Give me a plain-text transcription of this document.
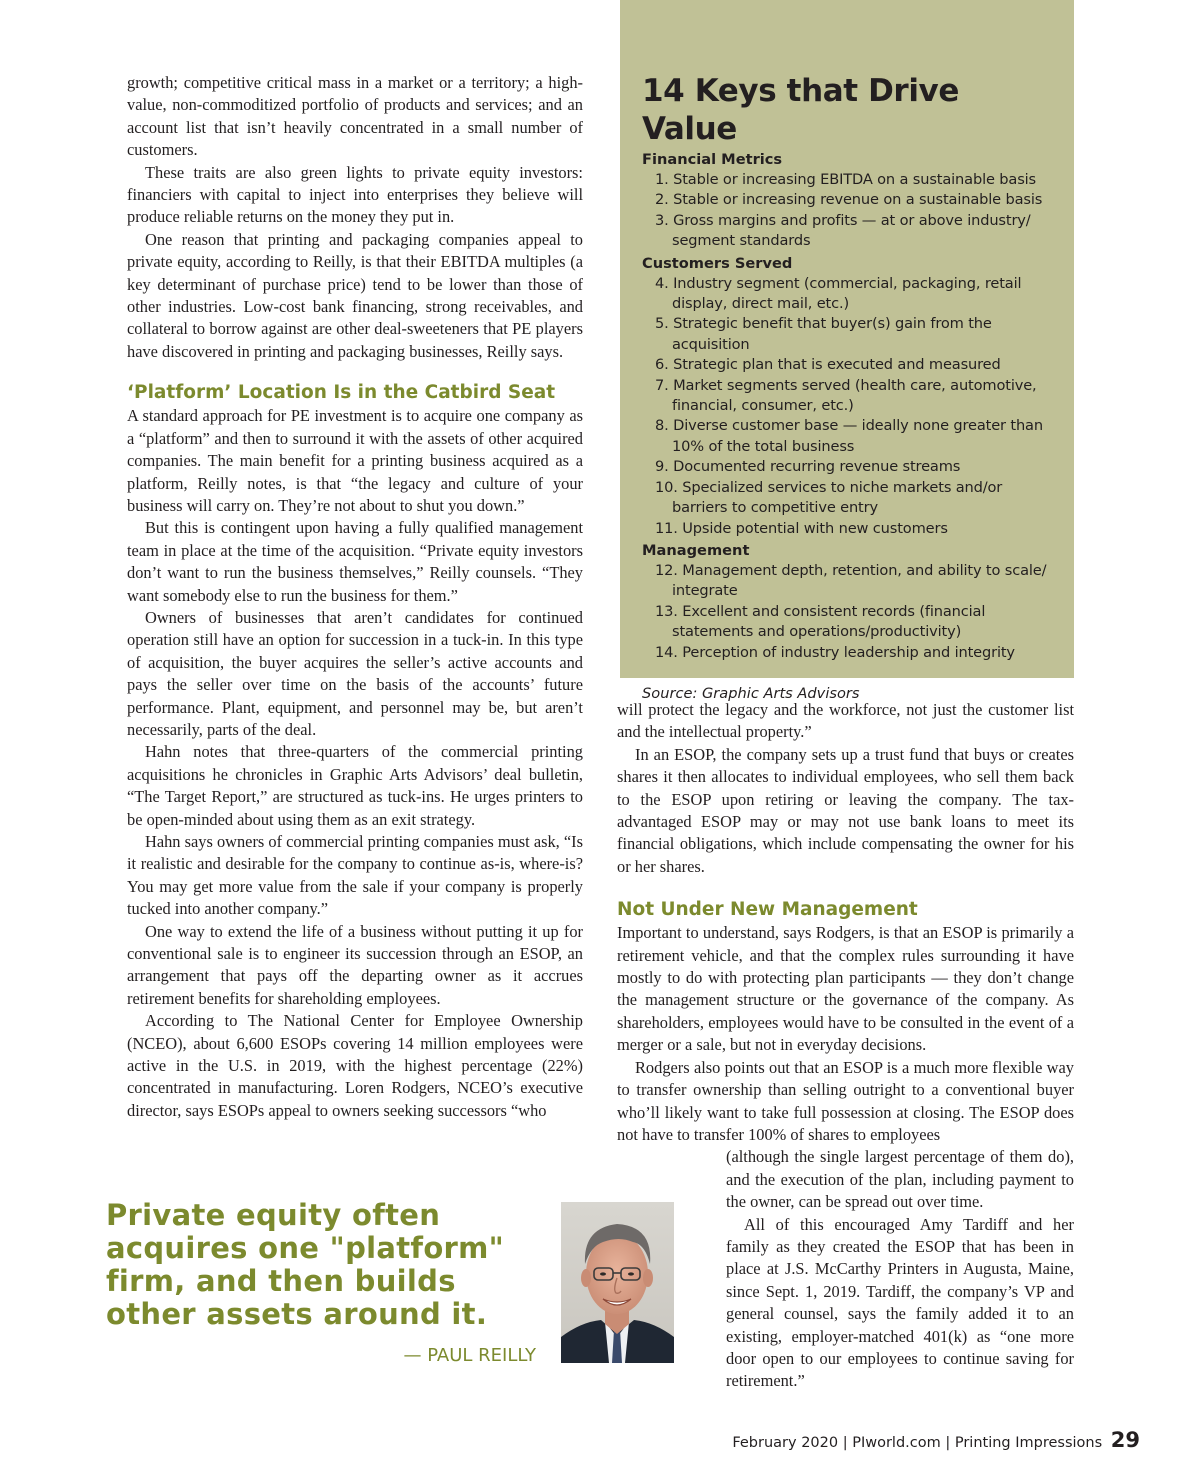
growth; competitive critical mass in a market or a territory; a high-value, non-commoditized portfolio of products and services; and an account list that isn’t heavily concentrated in a small number of customers.

These traits are also green lights to private equity investors: financiers with capital to inject into enterprises they believe will produce reliable returns on the money they put in.

One reason that printing and packaging companies appeal to private equity, according to Reilly, is that their EBITDA multiples (a key determinant of purchase price) tend to be lower than those of other industries. Low-cost bank financing, strong receivables, and collateral to borrow against are other deal-sweeteners that PE players have discovered in printing and packaging businesses, Reilly says.

‘Platform’ Location Is in the Catbird Seat

A standard approach for PE investment is to acquire one company as a “platform” and then to surround it with the assets of other acquired companies. The main benefit for a printing business acquired as a platform, Reilly notes, is that “the legacy and culture of your business will carry on. They’re not about to shut you down.”

But this is contingent upon having a fully qualified management team in place at the time of the acquisition. “Private equity investors don’t want to run the business themselves,” Reilly counsels. “They want somebody else to run the business for them.”

Owners of businesses that aren’t candidates for continued operation still have an option for succession in a tuck-in. In this type of acquisition, the buyer acquires the seller’s active accounts and pays the seller over time on the basis of the accounts’ future performance. Plant, equipment, and personnel may be, but aren’t necessarily, parts of the deal.

Hahn notes that three-quarters of the commercial printing acquisitions he chronicles in Graphic Arts Advisors’ deal bulletin, “The Target Report,” are structured as tuck-ins. He urges printers to be open-minded about using them as an exit strategy.

Hahn says owners of commercial printing companies must ask, “Is it realistic and desirable for the company to continue as-is, where-is? You may get more value from the sale if your company is properly tucked into another company.”

One way to extend the life of a business without putting it up for conventional sale is to engineer its succession through an ESOP, an arrangement that pays off the departing owner as it accrues retirement benefits for shareholding employees.

According to The National Center for Employee Ownership (NCEO), about 6,600 ESOPs covering 14 million employees were active in the U.S. in 2019, with the highest percentage (22%) concentrated in manufacturing. Loren Rodgers, NCEO’s executive director, says ESOPs appeal to owners seeking successors “who

14 Keys that Drive Value
Financial Metrics
1. Stable or increasing EBITDA on a sustainable basis
2. Stable or increasing revenue on a sustainable basis
3. Gross margins and profits — at or above industry/ segment standards
Customers Served
4. Industry segment (commercial, packaging, retail display, direct mail, etc.)
5. Strategic benefit that buyer(s) gain from the acquisition
6. Strategic plan that is executed and measured
7. Market segments served (health care, automotive, financial, consumer, etc.)
8. Diverse customer base — ideally none greater than 10% of the total business
9. Documented recurring revenue streams
10. Specialized services to niche markets and/or barriers to competitive entry
11. Upside potential with new customers
Management
12. Management depth, retention, and ability to scale/ integrate
13. Excellent and consistent records (financial statements and operations/productivity)
14. Perception of industry leadership and integrity
Source: Graphic Arts Advisors

will protect the legacy and the workforce, not just the customer list and the intellectual property.”

In an ESOP, the company sets up a trust fund that buys or creates shares it then allocates to individual employees, who sell them back to the ESOP upon retiring or leaving the company. The tax-advantaged ESOP may or may not use bank loans to meet its financial obligations, which include compensating the owner for his or her shares.

Not Under New Management

Important to understand, says Rodgers, is that an ESOP is primarily a retirement vehicle, and that the complex rules surrounding it have mostly to do with protecting plan participants — they don’t change the management structure or the governance of the company. As shareholders, employees would have to be consulted in the event of a merger or a sale, but not in everyday decisions.

Rodgers also points out that an ESOP is a much more flexible way to transfer ownership than selling outright to a conventional buyer who’ll likely want to take full possession at closing. The ESOP does not have to transfer 100% of shares to employees

(although the single largest percentage of them do), and the execution of the plan, including payment to the owner, can be spread out over time.

All of this encouraged Amy Tardiff and her family as they created the ESOP that has been in place at J.S. McCarthy Printers in Augusta, Maine, since Sept. 1, 2019. Tardiff, the company’s VP and general counsel, says the family added it to an existing, employer-matched 401(k) as “one more door open to our employees to continue saving for retirement.”

Private equity often acquires one "platform" firm, and then builds other assets around it.

— PAUL REILLY
February 2020 | PIworld.com | Printing Impressions 29
